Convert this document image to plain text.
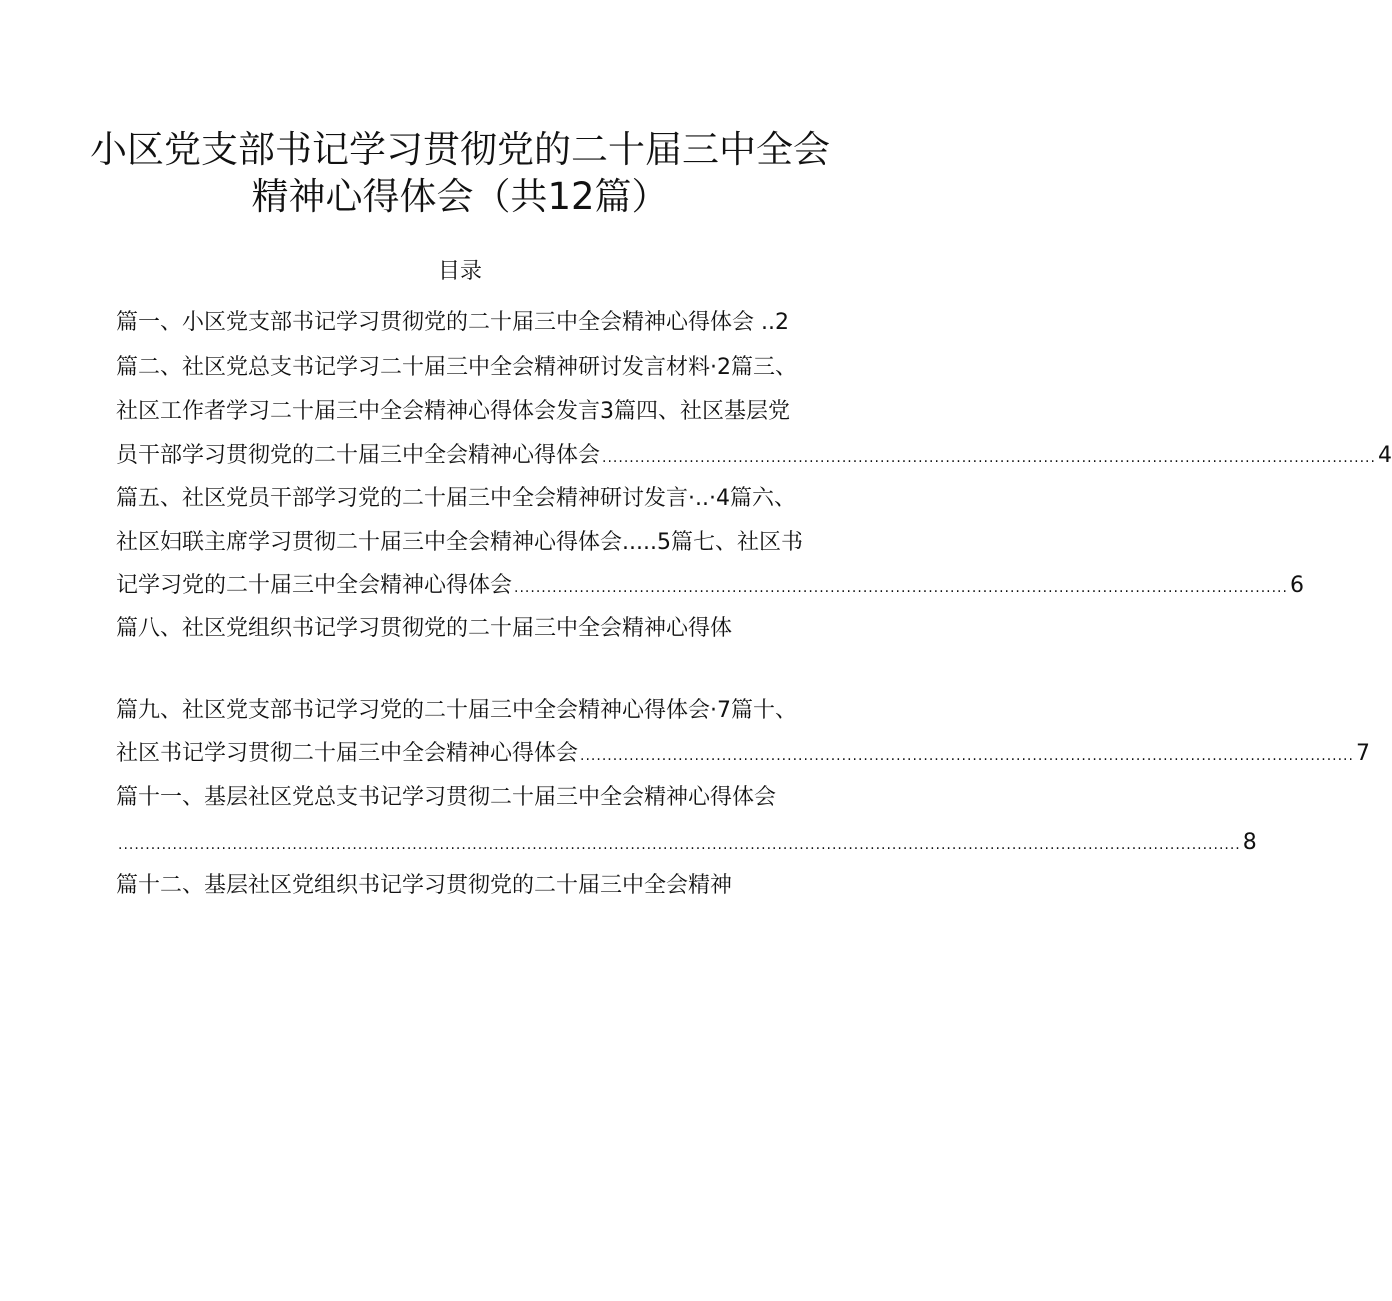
小区党支部书记学习贯彻党的二十届三中全会
精神心得体会（共12篇）
目录
篇一、小区党支部书记学习贯彻党的二十届三中全会精神心得体会 ..2
篇二、社区党总支书记学习二十届三中全会精神研讨发言材料·2篇三、
社区工作者学习二十届三中全会精神心得体会发言3篇四、社区基层党
员干部学习贯彻党的二十届三中全会精神心得体会 .............................................................................................................................................. 4
篇五、社区党员干部学习党的二十届三中全会精神研讨发言·..·4篇六、
社区妇联主席学习贯彻二十届三中全会精神心得体会.....5篇七、社区书
记学习党的二十届三中全会精神心得体会 .............................................................................................................................................. 6
篇八、社区党组织书记学习贯彻党的二十届三中全会精神心得体
篇九、社区党支部书记学习党的二十届三中全会精神心得体会·7篇十、
社区书记学习贯彻二十届三中全会精神心得体会 .............................................................................................................................................. 7
篇十一、基层社区党总支书记学习贯彻二十届三中全会精神心得体会
.............................................................................................................................................................................................................. 8
篇十二、基层社区党组织书记学习贯彻党的二十届三中全会精神
